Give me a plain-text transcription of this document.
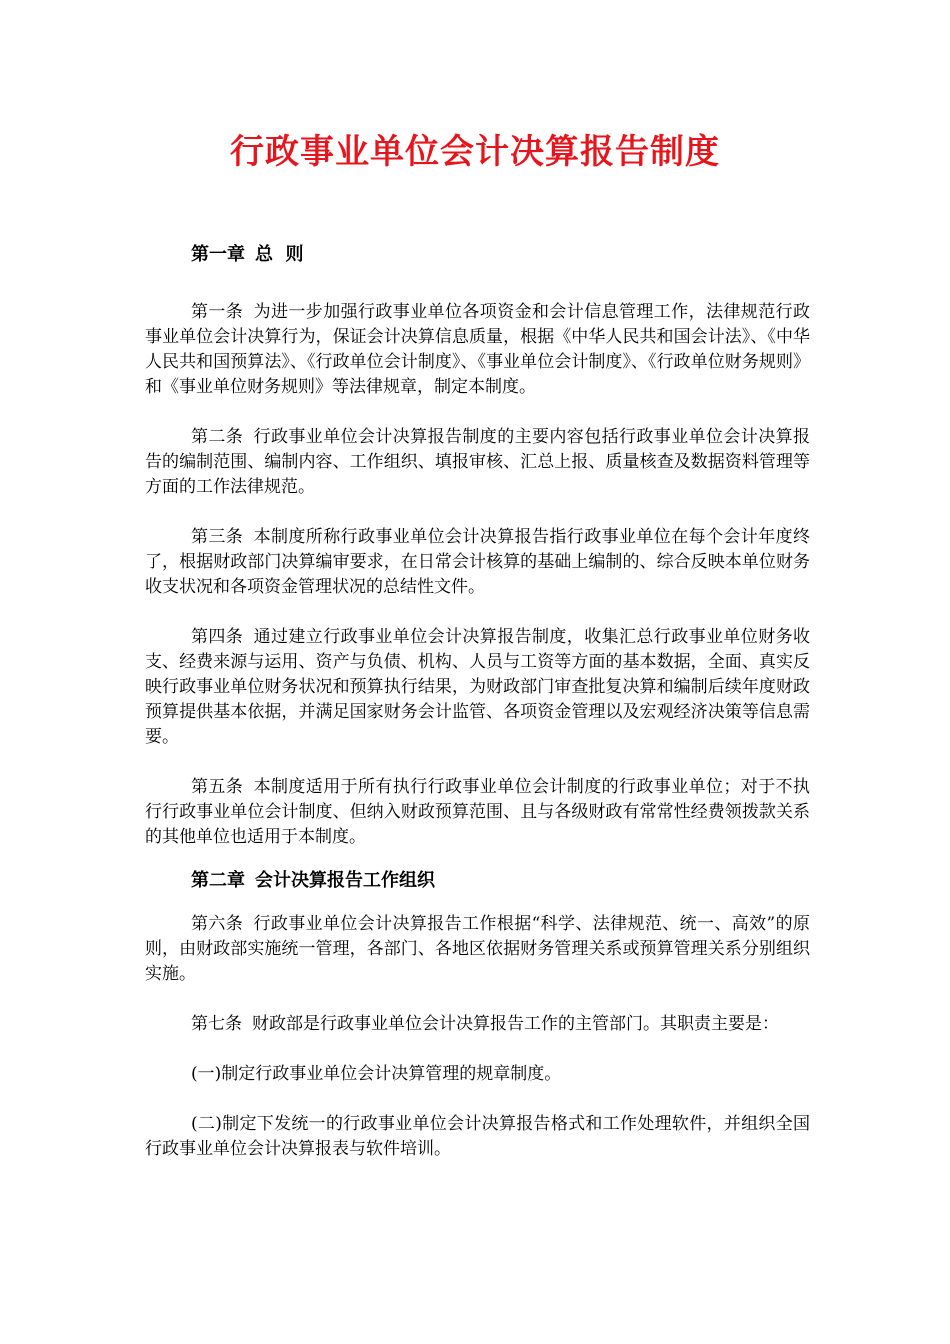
行政事业单位会计决算报告制度

第一章 总  则

第一条 为进一步加强行政事业单位各项资金和会计信息管理工作，法律规范行政事业单位会计决算行为，保证会计决算信息质量，根据《中华人民共和国会计法》、《中华人民共和国预算法》、《行政单位会计制度》、《事业单位会计制度》、《行政单位财务规则》和《事业单位财务规则》等法律规章，制定本制度。

第二条 行政事业单位会计决算报告制度的主要内容包括行政事业单位会计决算报告的编制范围、编制内容、工作组织、填报审核、汇总上报、质量核查及数据资料管理等方面的工作法律规范。

第三条 本制度所称行政事业单位会计决算报告指行政事业单位在每个会计年度终了，根据财政部门决算编审要求，在日常会计核算的基础上编制的、综合反映本单位财务收支状况和各项资金管理状况的总结性文件。

第四条 通过建立行政事业单位会计决算报告制度，收集汇总行政事业单位财务收支、经费来源与运用、资产与负债、机构、人员与工资等方面的基本数据，全面、真实反映行政事业单位财务状况和预算执行结果，为财政部门审查批复决算和编制后续年度财政预算提供基本依据，并满足国家财务会计监管、各项资金管理以及宏观经济决策等信息需要。

第五条 本制度适用于所有执行行政事业单位会计制度的行政事业单位；对于不执行行政事业单位会计制度、但纳入财政预算范围、且与各级财政有常常性经费领拨款关系的其他单位也适用于本制度。

第二章 会计决算报告工作组织

第六条 行政事业单位会计决算报告工作根据“科学、法律规范、统一、高效”的原则，由财政部实施统一管理，各部门、各地区依据财务管理关系或预算管理关系分别组织实施。

第七条 财政部是行政事业单位会计决算报告工作的主管部门。其职责主要是：

(一)制定行政事业单位会计决算管理的规章制度。

(二)制定下发统一的行政事业单位会计决算报告格式和工作处理软件，并组织全国行政事业单位会计决算报表与软件培训。
